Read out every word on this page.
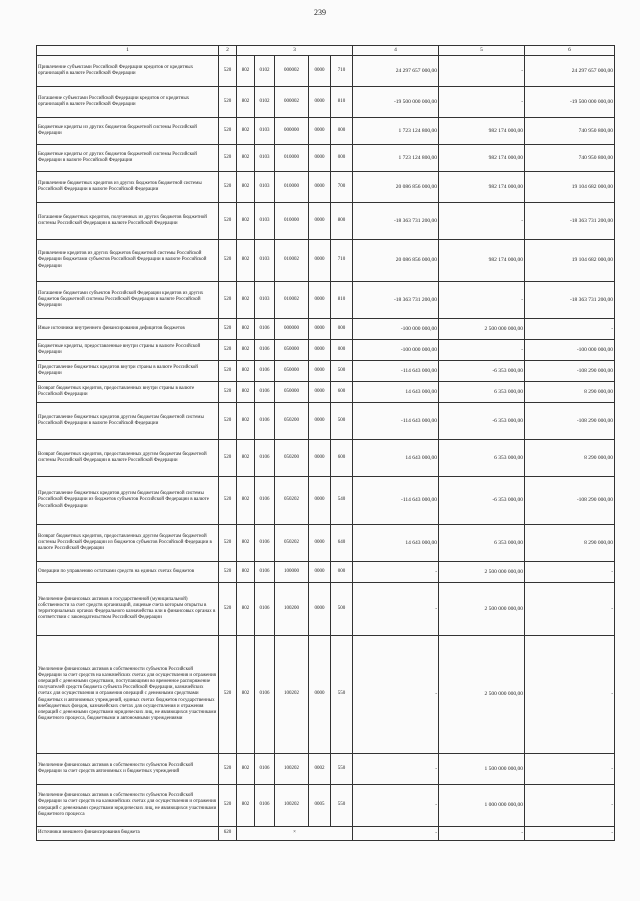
239
1	2	3					4	5	6
Привлечение субъектами Российской Федерации кредитов от кредитных организаций в валюте Российской Федерации	520	802	0102	000002	0000	710	24 297 657 000,00	-	24 297 657 000,00
Погашение субъектами Российской Федерации кредитов от кредитных организаций в валюте Российской Федерации	520	802	0102	000002	0000	810	-19 500 000 000,00	-	-19 500 000 000,00
Бюджетные кредиты из других бюджетов бюджетной системы Российской Федерации	520	802	0103	000000	0000	000	1 723 124 800,00	982 174 000,00	740 950 800,00
Бюджетные кредиты от других бюджетов бюджетной системы Российской Федерации в валюте Российской Федерации	520	802	0103	010000	0000	000	1 723 124 800,00	982 174 000,00	740 950 800,00
Привлечение бюджетных кредитов из других бюджетов бюджетной системы Российской Федерации в валюте Российской Федерации	520	802	0103	010000	0000	700	20 086 856 000,00	982 174 000,00	19 104 682 000,00
Погашение бюджетных кредитов, полученных из других бюджетов бюджетной системы Российской Федерации в валюте Российской Федерации	520	802	0103	010000	0000	800	-18 363 731 200,00	-	-18 363 731 200,00
Привлечение кредитов из других бюджетов бюджетной системы Российской Федерации бюджетами субъектов Российской Федерации в валюте Российской Федерации	520	802	0103	010002	0000	710	20 086 856 000,00	982 174 000,00	19 104 682 000,00
Погашение бюджетами субъектов Российской Федерации кредитов из других бюджетов бюджетной системы Российской Федерации в валюте Российской Федерации	520	802	0103	010002	0000	810	-18 363 731 200,00	-	-18 363 731 200,00
Иные источники внутреннего финансирования дефицитов бюджетов	520	802	0106	000000	0000	000	-100 000 000,00	2 500 000 000,00	-
Бюджетные кредиты, предоставленные внутри страны в валюте Российской Федерации	520	802	0106	050000	0000	000	-100 000 000,00	-	-100 000 000,00
Предоставление бюджетных кредитов внутри страны в валюте Российской Федерации	520	802	0106	050000	0000	500	-114 643 000,00	-6 353 000,00	-108 290 000,00
Возврат бюджетных кредитов, предоставленных внутри страны в валюте Российской Федерации	520	802	0106	050000	0000	600	14 643 000,00	6 353 000,00	8 290 000,00
Предоставление бюджетных кредитов другим бюджетам бюджетной системы Российской Федерации в валюте Российской Федерации	520	802	0106	050200	0000	500	-114 643 000,00	-6 353 000,00	-108 290 000,00
Возврат бюджетных кредитов, предоставленных другим бюджетам бюджетной системы Российской Федерации в валюте Российской Федерации	520	802	0106	050200	0000	600	14 643 000,00	6 353 000,00	8 290 000,00
Предоставление бюджетных кредитов другим бюджетам бюджетной системы Российской Федерации из бюджетов субъектов Российской Федерации в валюте Российской Федерации	520	802	0106	050202	0000	540	-114 643 000,00	-6 353 000,00	-108 290 000,00
Возврат бюджетных кредитов, предоставленных другим бюджетам бюджетной системы Российской Федерации из бюджетов субъектов Российской Федерации в валюте Российской Федерации	520	802	0106	050202	0000	640	14 643 000,00	6 353 000,00	8 290 000,00
Операции по управлению остатками средств на единых счетах бюджетов	520	802	0106	100000	0000	000	-	2 500 000 000,00	-
Увеличение финансовых активов в государственной (муниципальной) собственности за счет средств организаций, лицевые счета которым открыты в территориальных органах Федерального казначейства или в финансовых органах в соответствии с законодательством Российской Федерации	520	802	0106	100200	0000	500	-	2 500 000 000,00	-
Увеличение финансовых активов в собственности субъектов Российской Федерации за счет средств на казначейских счетах для осуществления и отражения операций с денежными средствами, поступающими во временное распоряжение получателей средств бюджета субъекта Российской Федерации, казначейских счетах для осуществления и отражения операций с денежными средствами бюджетных и автономных учреждений, единых счетах бюджетов государственных внебюджетных фондов, казначейских счетах для осуществления и отражения операций с денежными средствами юридических лиц, не являющихся участниками бюджетного процесса, бюджетными и автономными учреждениями	520	802	0106	100202	0000	550	-	2 500 000 000,00	-
Увеличение финансовых активов в собственности субъектов Российской Федерации за счет средств автономных и бюджетных учреждений	520	802	0106	100202	0002	550	-	1 500 000 000,00	-
Увеличение финансовых активов в собственности субъектов Российской Федерации за счет средств на казначейских счетах для осуществления и отражения операций с денежными средствами юридических лиц, не являющихся участниками бюджетного процесса	520	802	0106	100202	0005	550	-	1 000 000 000,00	-
Источники внешнего финансирования бюджета	620	×					-	-	-
